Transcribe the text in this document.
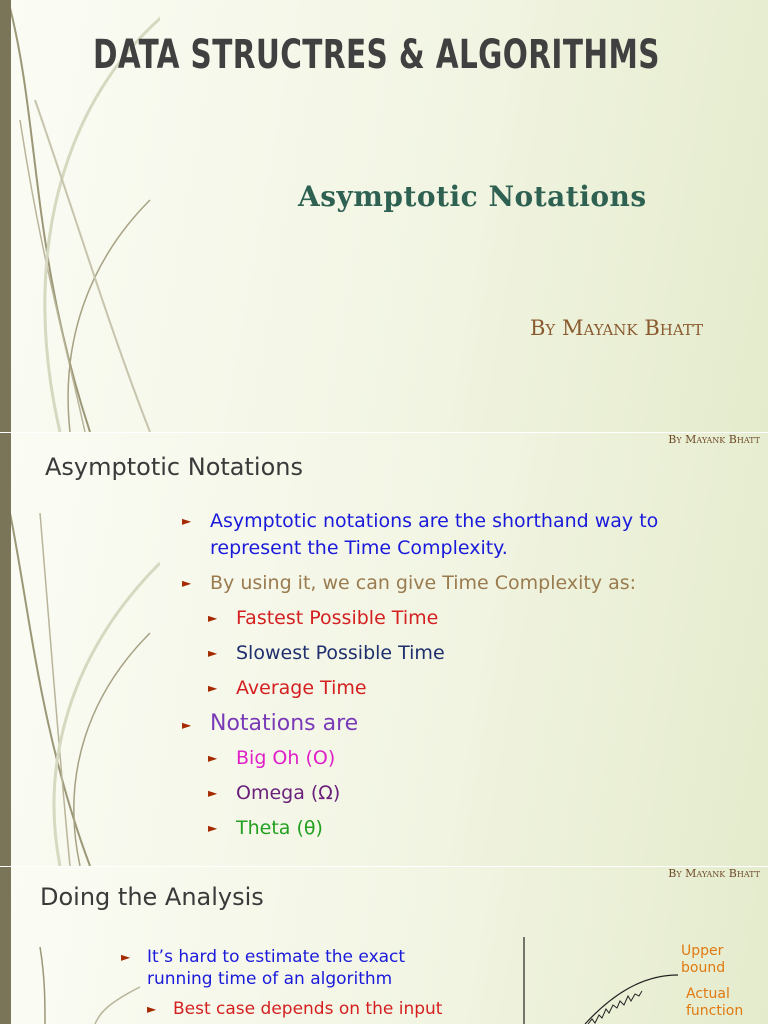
DATA STRUCTRES & ALGORITHMS
Asymptotic Notations
By Mayank Bhatt
By Mayank Bhatt
Asymptotic Notations
► Asymptotic notations are the shorthand way to represent the Time Complexity.
► By using it, we can give Time Complexity as:
► Fastest Possible Time
► Slowest Possible Time
► Average Time
► Notations are
► Big Oh (O)
► Omega (Ω)
► Theta (θ)
By Mayank Bhatt
Doing the Analysis
► It’s hard to estimate the exact running time of an algorithm
► Best case depends on the input
Upper bound
Actual function
